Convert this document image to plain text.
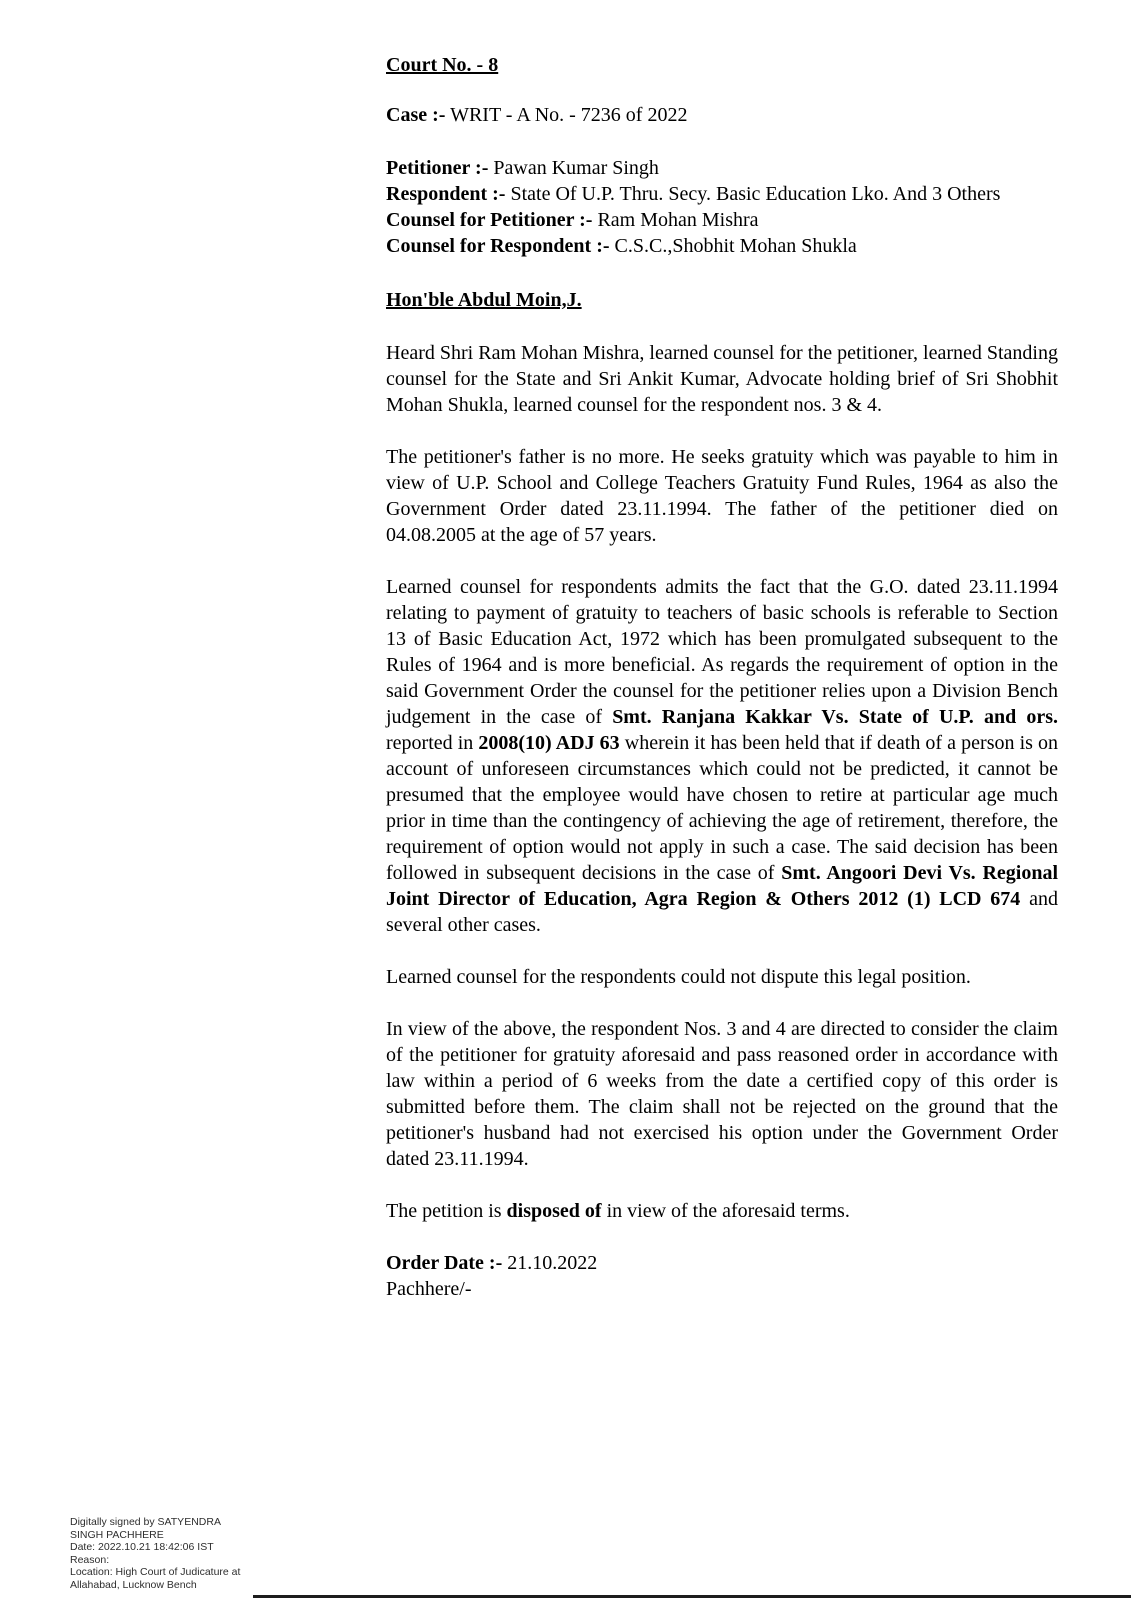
Court No. - 8
Case :- WRIT - A No. - 7236 of 2022
Petitioner :- Pawan Kumar Singh
Respondent :- State Of U.P. Thru. Secy. Basic Education Lko. And 3 Others
Counsel for Petitioner :- Ram Mohan Mishra
Counsel for Respondent :- C.S.C.,Shobhit Mohan Shukla
Hon'ble Abdul Moin,J.

Heard Shri Ram Mohan Mishra, learned counsel for the petitioner, learned Standing counsel for the State and Sri Ankit Kumar, Advocate holding brief of Sri Shobhit Mohan Shukla, learned counsel for the respondent nos. 3 & 4.

The petitioner's father is no more. He seeks gratuity which was payable to him in view of U.P. School and College Teachers Gratuity Fund Rules, 1964 as also the Government Order dated 23.11.1994. The father of the petitioner died on 04.08.2005 at the age of 57 years.

Learned counsel for respondents admits the fact that the G.O. dated 23.11.1994 relating to payment of gratuity to teachers of basic schools is referable to Section 13 of Basic Education Act, 1972 which has been promulgated subsequent to the Rules of 1964 and is more beneficial. As regards the requirement of option in the said Government Order the counsel for the petitioner relies upon a Division Bench judgement in the case of Smt. Ranjana Kakkar Vs. State of U.P. and ors. reported in 2008(10) ADJ 63 wherein it has been held that if death of a person is on account of unforeseen circumstances which could not be predicted, it cannot be presumed that the employee would have chosen to retire at particular age much prior in time than the contingency of achieving the age of retirement, therefore, the requirement of option would not apply in such a case. The said decision has been followed in subsequent decisions in the case of Smt. Angoori Devi Vs. Regional Joint Director of Education, Agra Region & Others 2012 (1) LCD 674 and several other cases.

Learned counsel for the respondents could not dispute this legal position.

In view of the above, the respondent Nos. 3 and 4 are directed to consider the claim of the petitioner for gratuity aforesaid and pass reasoned order in accordance with law within a period of 6 weeks from the date a certified copy of this order is submitted before them. The claim shall not be rejected on the ground that the petitioner's husband had not exercised his option under the Government Order dated 23.11.1994.

The petition is disposed of in view of the aforesaid terms.

Order Date :- 21.10.2022
Pachhere/-
Digitally signed by SATYENDRA
SINGH PACHHERE
Date: 2022.10.21 18:42:06 IST
Reason:
Location: High Court of Judicature at
Allahabad, Lucknow Bench
